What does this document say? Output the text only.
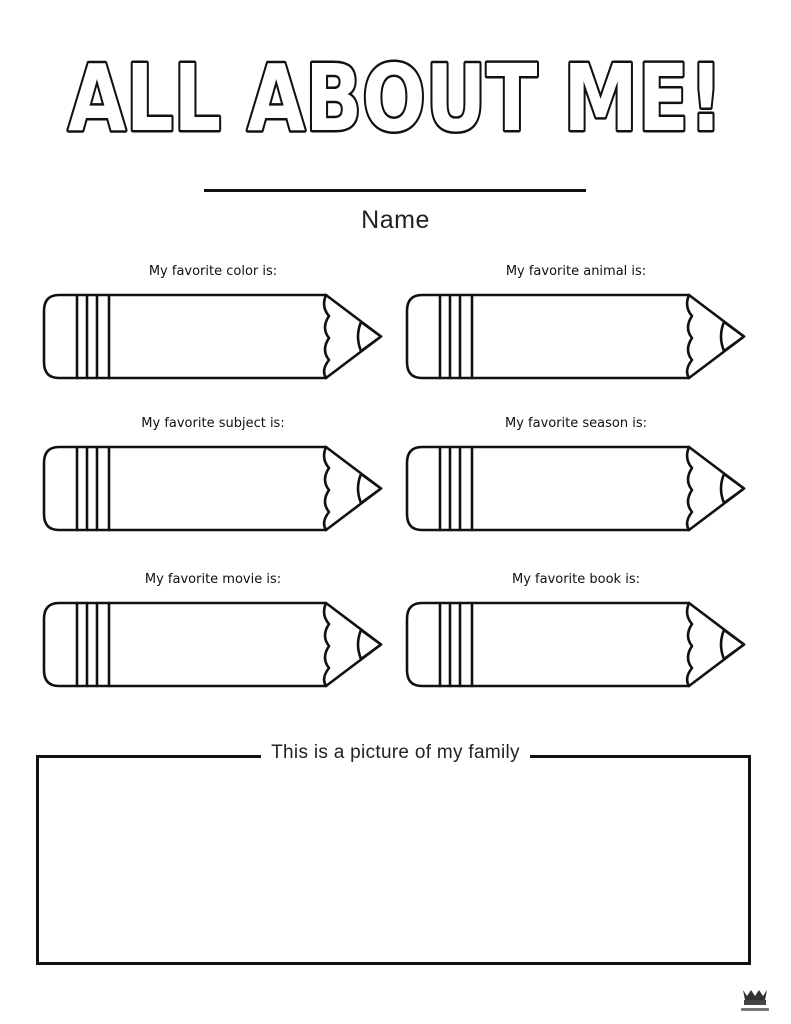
ALL ABOUT ME!
Name
My favorite color is:	My favorite animal is:
My favorite subject is:	My favorite season is:
My favorite movie is:	My favorite book is:
This is a picture of my family
